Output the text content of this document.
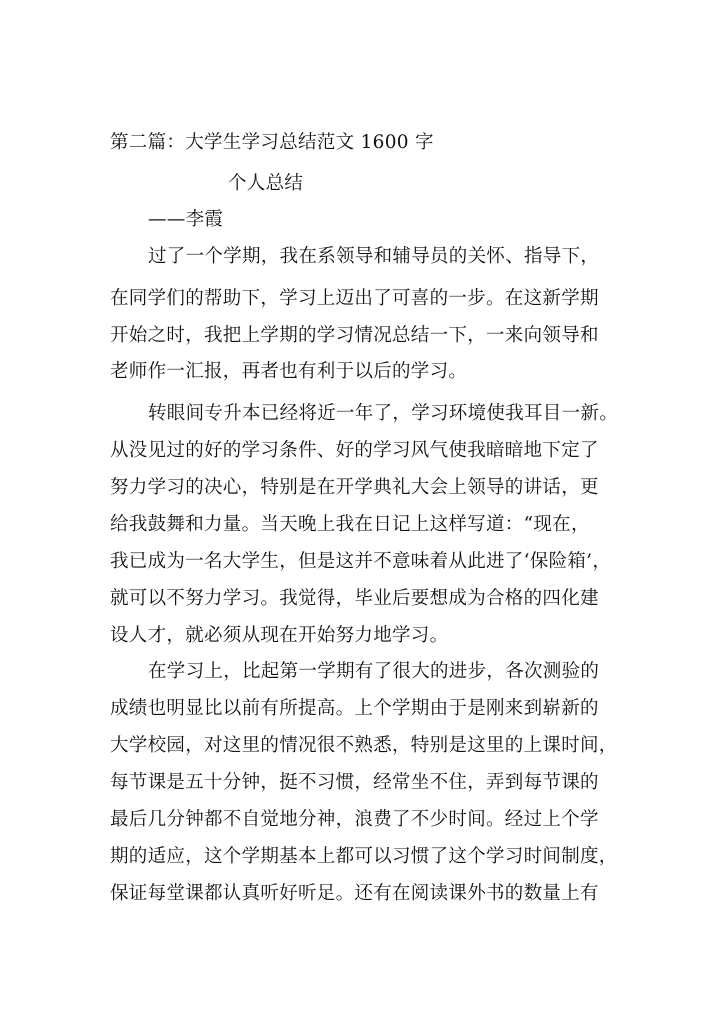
第二篇：大学生学习总结范文 1600 字
个人总结
——李霞
过了一个学期，我在系领导和辅导员的关怀、指导下，
在同学们的帮助下，学习上迈出了可喜的一步。在这新学期
开始之时，我把上学期的学习情况总结一下，一来向领导和
老师作一汇报，再者也有利于以后的学习。
转眼间专升本已经将近一年了，学习环境使我耳目一新。
从没见过的好的学习条件、好的学习风气使我暗暗地下定了
努力学习的决心，特别是在开学典礼大会上领导的讲话，更
给我鼓舞和力量。当天晚上我在日记上这样写道：“现在，
我已成为一名大学生，但是这并不意味着从此进了‘保险箱’，
就可以不努力学习。我觉得，毕业后要想成为合格的四化建
设人才，就必须从现在开始努力地学习。
在学习上，比起第一学期有了很大的进步，各次测验的
成绩也明显比以前有所提高。上个学期由于是刚来到崭新的
大学校园，对这里的情况很不熟悉，特别是这里的上课时间，
每节课是五十分钟，挺不习惯，经常坐不住，弄到每节课的
最后几分钟都不自觉地分神，浪费了不少时间。经过上个学
期的适应，这个学期基本上都可以习惯了这个学习时间制度，
保证每堂课都认真听好听足。还有在阅读课外书的数量上有
